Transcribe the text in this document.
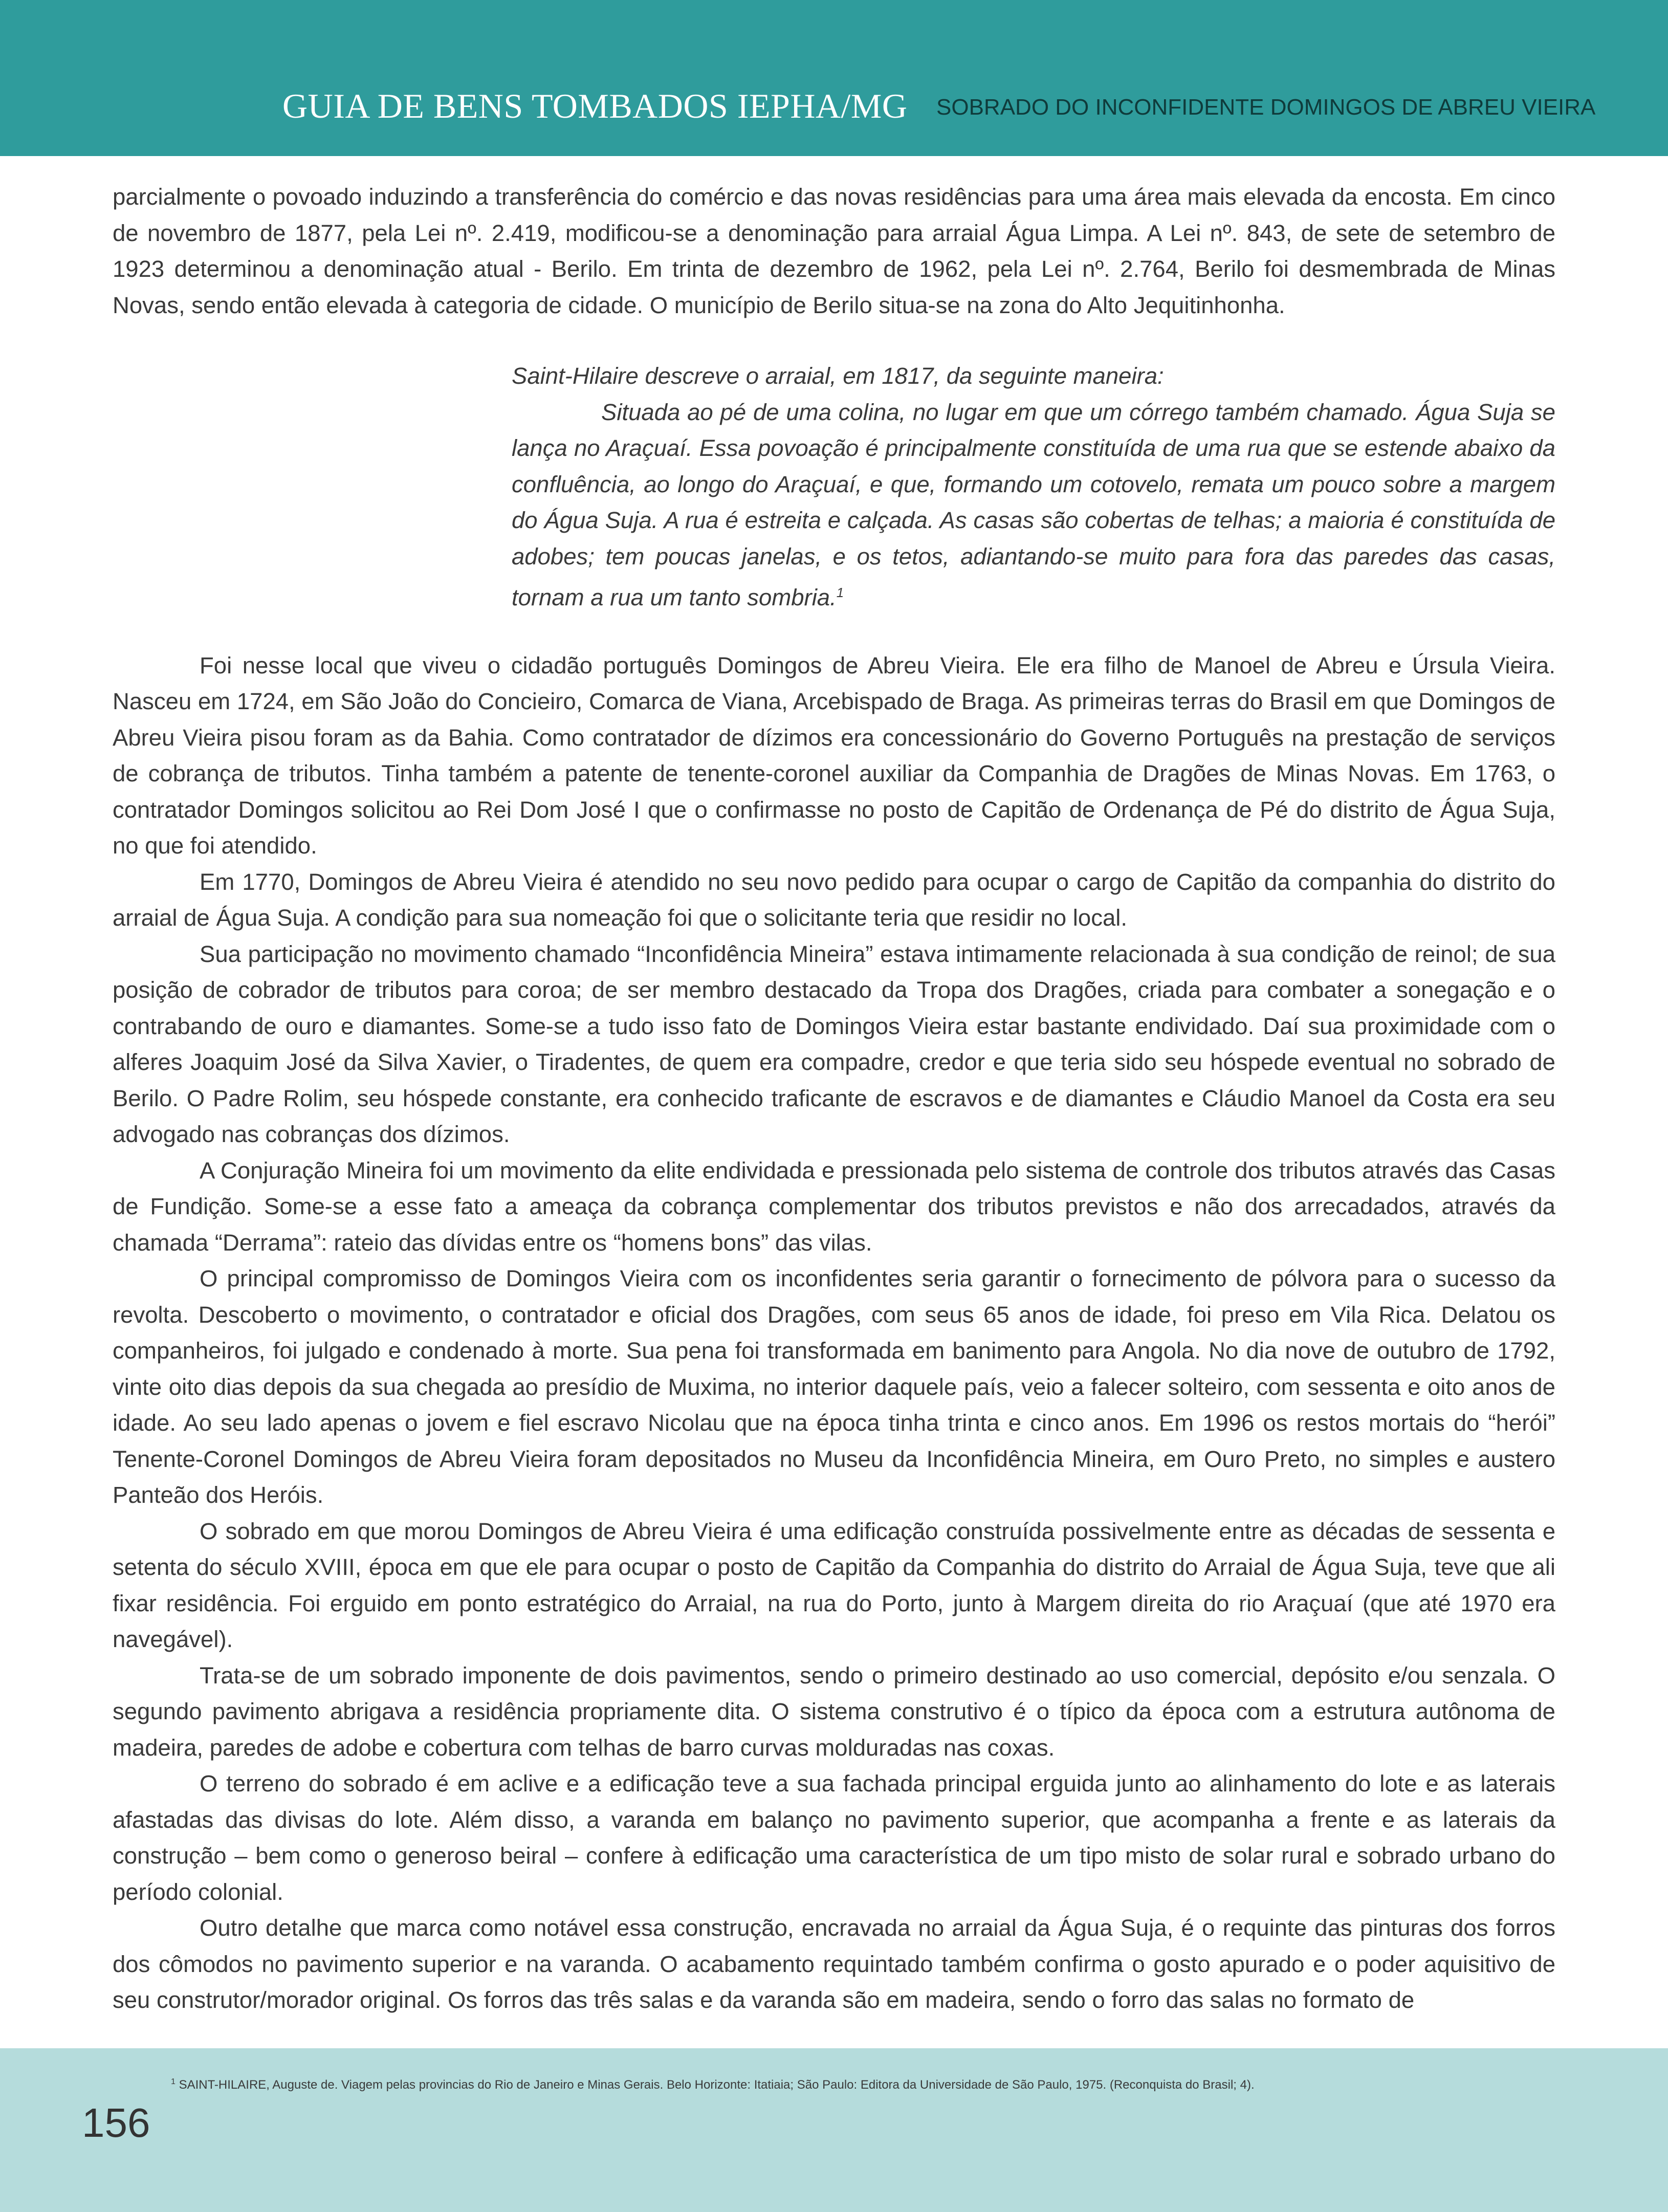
GUIA DE BENS TOMBADOS IEPHA/MG SOBRADO DO INCONFIDENTE DOMINGOS DE ABREU VIEIRA

parcialmente o povoado induzindo a transferência do comércio e das novas residências para uma área mais elevada da encosta. Em cinco de novembro de 1877, pela Lei nº. 2.419, modificou-se a denominação para arraial Água Limpa. A Lei nº. 843, de sete de setembro de 1923 determinou a denominação atual - Berilo. Em trinta de dezembro de 1962, pela Lei nº. 2.764, Berilo foi desmembrada de Minas Novas, sendo então elevada à categoria de cidade. O município de Berilo situa-se na zona do Alto Jequitinhonha.

Saint-Hilaire descreve o arraial, em 1817, da seguinte maneira:
Situada ao pé de uma colina, no lugar em que um córrego também chamado. Água Suja se lança no Araçuaí. Essa povoação é principalmente constituída de uma rua que se estende abaixo da confluência, ao longo do Araçuaí, e que, formando um cotovelo, remata um pouco sobre a margem do Água Suja. A rua é estreita e calçada. As casas são cobertas de telhas; a maioria é constituída de adobes; tem poucas janelas, e os tetos, adiantando-se muito para fora das paredes das casas, tornam a rua um tanto sombria.$^1$

Foi nesse local que viveu o cidadão português Domingos de Abreu Vieira. Ele era filho de Manoel de Abreu e Úrsula Vieira. Nasceu em 1724, em São João do Concieiro, Comarca de Viana, Arcebispado de Braga. As primeiras terras do Brasil em que Domingos de Abreu Vieira pisou foram as da Bahia. Como contratador de dízimos era concessionário do Governo Português na prestação de serviços de cobrança de tributos. Tinha também a patente de tenente-coronel auxiliar da Companhia de Dragões de Minas Novas. Em 1763, o contratador Domingos solicitou ao Rei Dom José I que o confirmasse no posto de Capitão de Ordenança de Pé do distrito de Água Suja, no que foi atendido.

Em 1770, Domingos de Abreu Vieira é atendido no seu novo pedido para ocupar o cargo de Capitão da companhia do distrito do arraial de Água Suja. A condição para sua nomeação foi que o solicitante teria que residir no local.

Sua participação no movimento chamado “Inconfidência Mineira” estava intimamente relacionada à sua condição de reinol; de sua posição de cobrador de tributos para coroa; de ser membro destacado da Tropa dos Dragões, criada para combater a sonegação e o contrabando de ouro e diamantes. Some-se a tudo isso fato de Domingos Vieira estar bastante endividado. Daí sua proximidade com o alferes Joaquim José da Silva Xavier, o Tiradentes, de quem era compadre, credor e que teria sido seu hóspede eventual no sobrado de Berilo. O Padre Rolim, seu hóspede constante, era conhecido traficante de escravos e de diamantes e Cláudio Manoel da Costa era seu advogado nas cobranças dos dízimos.

A Conjuração Mineira foi um movimento da elite endividada e pressionada pelo sistema de controle dos tributos através das Casas de Fundição. Some-se a esse fato a ameaça da cobrança complementar dos tributos previstos e não dos arrecadados, através da chamada “Derrama”: rateio das dívidas entre os “homens bons” das vilas.

O principal compromisso de Domingos Vieira com os inconfidentes seria garantir o fornecimento de pólvora para o sucesso da revolta. Descoberto o movimento, o contratador e oficial dos Dragões, com seus 65 anos de idade, foi preso em Vila Rica. Delatou os companheiros, foi julgado e condenado à morte. Sua pena foi transformada em banimento para Angola. No dia nove de outubro de 1792, vinte oito dias depois da sua chegada ao presídio de Muxima, no interior daquele país, veio a falecer solteiro, com sessenta e oito anos de idade. Ao seu lado apenas o jovem e fiel escravo Nicolau que na época tinha trinta e cinco anos. Em 1996 os restos mortais do “herói” Tenente-Coronel Domingos de Abreu Vieira foram depositados no Museu da Inconfidência Mineira, em Ouro Preto, no simples e austero Panteão dos Heróis.

O sobrado em que morou Domingos de Abreu Vieira é uma edificação construída possivelmente entre as décadas de sessenta e setenta do século XVIII, época em que ele para ocupar o posto de Capitão da Companhia do distrito do Arraial de Água Suja, teve que ali fixar residência. Foi erguido em ponto estratégico do Arraial, na rua do Porto, junto à Margem direita do rio Araçuaí (que até 1970 era navegável).

Trata-se de um sobrado imponente de dois pavimentos, sendo o primeiro destinado ao uso comercial, depósito e/ou senzala. O segundo pavimento abrigava a residência propriamente dita. O sistema construtivo é o típico da época com a estrutura autônoma de madeira, paredes de adobe e cobertura com telhas de barro curvas molduradas nas coxas.

O terreno do sobrado é em aclive e a edificação teve a sua fachada principal erguida junto ao alinhamento do lote e as laterais afastadas das divisas do lote. Além disso, a varanda em balanço no pavimento superior, que acompanha a frente e as laterais da construção – bem como o generoso beiral – confere à edificação uma característica de um tipo misto de solar rural e sobrado urbano do período colonial.

Outro detalhe que marca como notável essa construção, encravada no arraial da Água Suja, é o requinte das pinturas dos forros dos cômodos no pavimento superior e na varanda. O acabamento requintado também confirma o gosto apurado e o poder aquisitivo de seu construtor/morador original. Os forros das três salas e da varanda são em madeira, sendo o forro das salas no formato de

$^1$ SAINT-HILAIRE, Auguste de. Viagem pelas provincias do Rio de Janeiro e Minas Gerais. Belo Horizonte: Itatiaia; São Paulo: Editora da Universidade de São Paulo, 1975. (Reconquista do Brasil; 4).
156
